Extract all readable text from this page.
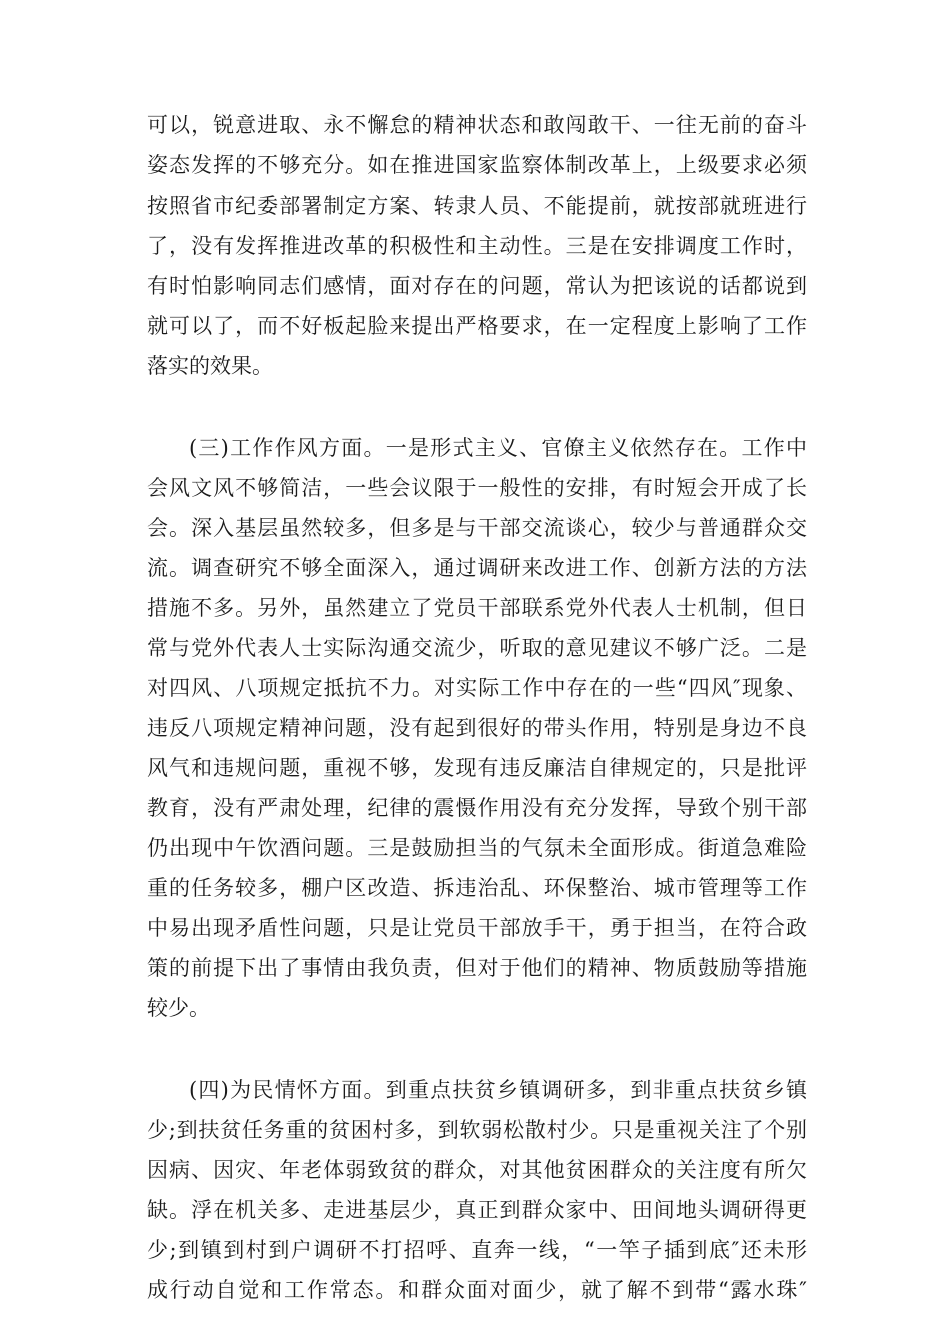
可以，锐意进取、永不懈怠的精神状态和敢闯敢干、一往无前的奋斗
姿态发挥的不够充分。如在推进国家监察体制改革上，上级要求必须
按照省市纪委部署制定方案、转隶人员、不能提前，就按部就班进行
了，没有发挥推进改革的积极性和主动性。三是在安排调度工作时，
有时怕影响同志们感情，面对存在的问题，常认为把该说的话都说到
就可以了，而不好板起脸来提出严格要求，在一定程度上影响了工作
落实的效果。
(三)工作作风方面。一是形式主义、官僚主义依然存在。工作中
会风文风不够简洁，一些会议限于一般性的安排，有时短会开成了长
会。深入基层虽然较多，但多是与干部交流谈心，较少与普通群众交
流。调查研究不够全面深入，通过调研来改进工作、创新方法的方法
措施不多。另外，虽然建立了党员干部联系党外代表人士机制，但日
常与党外代表人士实际沟通交流少，听取的意见建议不够广泛。二是
对四风、八项规定抵抗不力。对实际工作中存在的一些“四风″现象、
违反八项规定精神问题，没有起到很好的带头作用，特别是身边不良
风气和违规问题，重视不够，发现有违反廉洁自律规定的，只是批评
教育，没有严肃处理，纪律的震慑作用没有充分发挥，导致个别干部
仍出现中午饮酒问题。三是鼓励担当的气氛未全面形成。街道急难险
重的任务较多，棚户区改造、拆违治乱、环保整治、城市管理等工作
中易出现矛盾性问题，只是让党员干部放手干，勇于担当，在符合政
策的前提下出了事情由我负责，但对于他们的精神、物质鼓励等措施
较少。
(四)为民情怀方面。到重点扶贫乡镇调研多，到非重点扶贫乡镇
少;到扶贫任务重的贫困村多，到软弱松散村少。只是重视关注了个别
因病、因灾、年老体弱致贫的群众，对其他贫困群众的关注度有所欠
缺。浮在机关多、走进基层少，真正到群众家中、田间地头调研得更
少;到镇到村到户调研不打招呼、直奔一线，“一竿子插到底″还未形
成行动自觉和工作常态。和群众面对面少，就了解不到带“露水珠″
